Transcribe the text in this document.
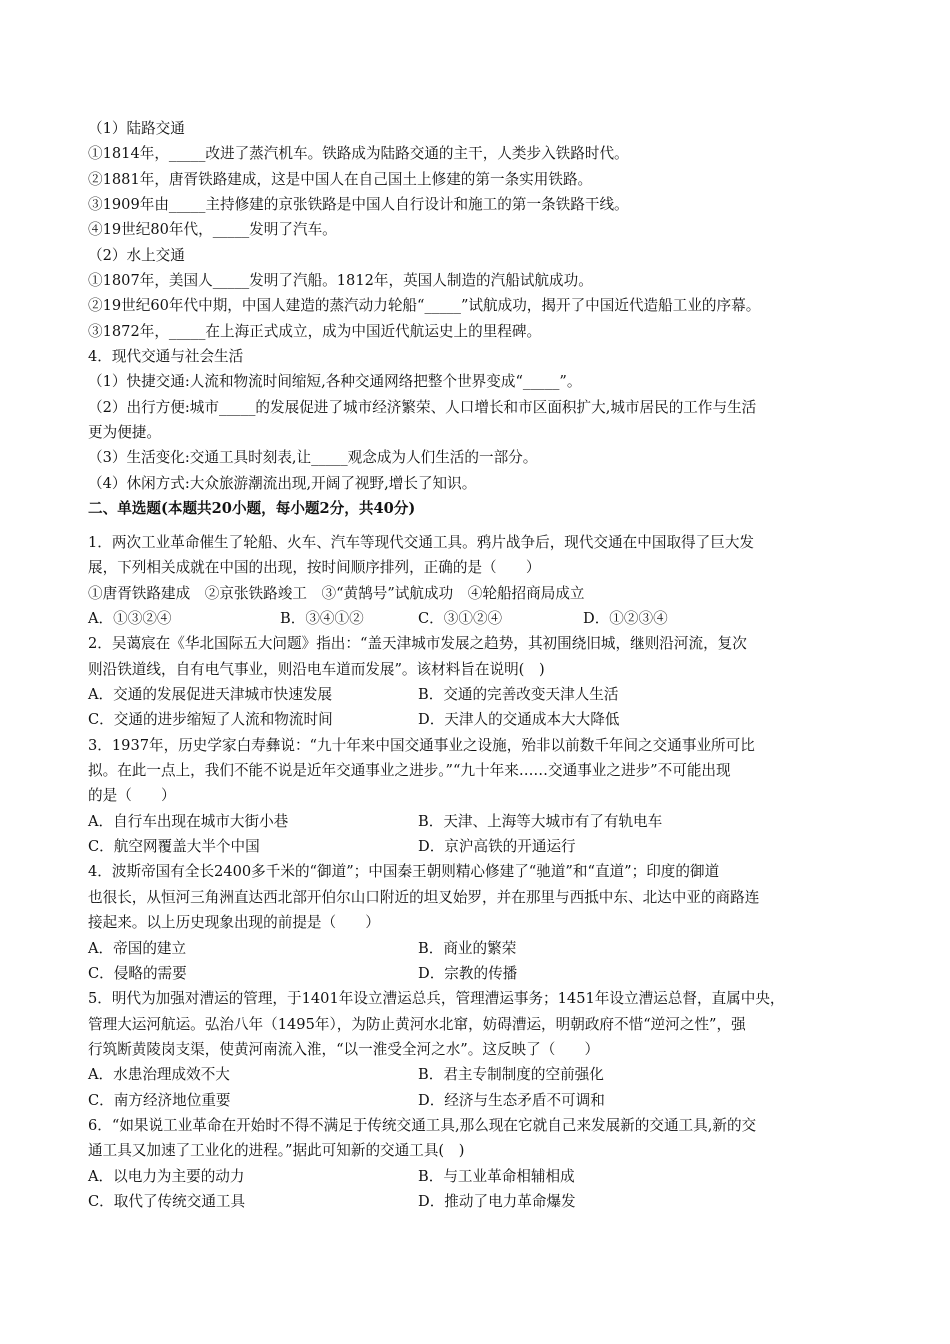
（1）陆路交通
①1814年，_____改进了蒸汽机车。铁路成为陆路交通的主干，人类步入铁路时代。
②1881年，唐胥铁路建成，这是中国人在自己国土上修建的第一条实用铁路。
③1909年由_____主持修建的京张铁路是中国人自行设计和施工的第一条铁路干线。
④19世纪80年代，_____发明了汽车。
（2）水上交通
①1807年，美国人_____发明了汽船。1812年，英国人制造的汽船试航成功。
②19世纪60年代中期，中国人建造的蒸汽动力轮船“_____”试航成功，揭开了中国近代造船工业的序幕。
③1872年，_____在上海正式成立，成为中国近代航运史上的里程碑。
4．现代交通与社会生活
（1）快捷交通:人流和物流时间缩短,各种交通网络把整个世界变成“_____”。
（2）出行方便:城市_____的发展促进了城市经济繁荣、人口增长和市区面积扩大,城市居民的工作与生活
更为便捷。
（3）生活变化:交通工具时刻表,让_____观念成为人们生活的一部分。
（4）休闲方式:大众旅游潮流出现,开阔了视野,增长了知识。
二、单选题(本题共20小题，每小题2分，共40分)
1．两次工业革命催生了轮船、火车、汽车等现代交通工具。鸦片战争后，现代交通在中国取得了巨大发
展，下列相关成就在中国的出现，按时间顺序排列，正确的是（　　）
①唐胥铁路建成　②京张铁路竣工　③“黄鹄号”试航成功　④轮船招商局成立
A．①③②④	B．③④①②	C．③①②④	D．①②③④
2．吴蔼宸在《华北国际五大问题》指出：“盖天津城市发展之趋势，其初围绕旧城，继则沿河流，复次
则沿铁道线，自有电气事业，则沿电车道而发展”。该材料旨在说明(　)
A．交通的发展促进天津城市快速发展	B．交通的完善改变天津人生活
C．交通的进步缩短了人流和物流时间	D．天津人的交通成本大大降低
3．1937年，历史学家白寿彝说：“九十年来中国交通事业之设施，殆非以前数千年间之交通事业所可比
拟。在此一点上，我们不能不说是近年交通事业之进步。”“九十年来……交通事业之进步”不可能出现
的是（　　）
A．自行车出现在城市大街小巷	B．天津、上海等大城市有了有轨电车
C．航空网覆盖大半个中国	D．京沪高铁的开通运行
4．波斯帝国有全长2400多千米的“御道”；中国秦王朝则精心修建了“驰道”和“直道”；印度的御道
也很长，从恒河三角洲直达西北部开伯尔山口附近的坦叉始罗，并在那里与西抵中东、北达中亚的商路连
接起来。以上历史现象出现的前提是（　　）
A．帝国的建立	B．商业的繁荣
C．侵略的需要	D．宗教的传播
5．明代为加强对漕运的管理，于1401年设立漕运总兵，管理漕运事务；1451年设立漕运总督，直属中央，
管理大运河航运。弘治八年（1495年），为防止黄河水北窜，妨碍漕运，明朝政府不惜“逆河之性”，强
行筑断黄陵岗支渠，使黄河南流入淮，“以一淮受全河之水”。这反映了（　　）
A．水患治理成效不大	B．君主专制制度的空前强化
C．南方经济地位重要	D．经济与生态矛盾不可调和
6．“如果说工业革命在开始时不得不满足于传统交通工具,那么现在它就自己来发展新的交通工具,新的交
通工具又加速了工业化的进程。”据此可知新的交通工具(　)
A．以电力为主要的动力	B．与工业革命相辅相成
C．取代了传统交通工具	D．推动了电力革命爆发
